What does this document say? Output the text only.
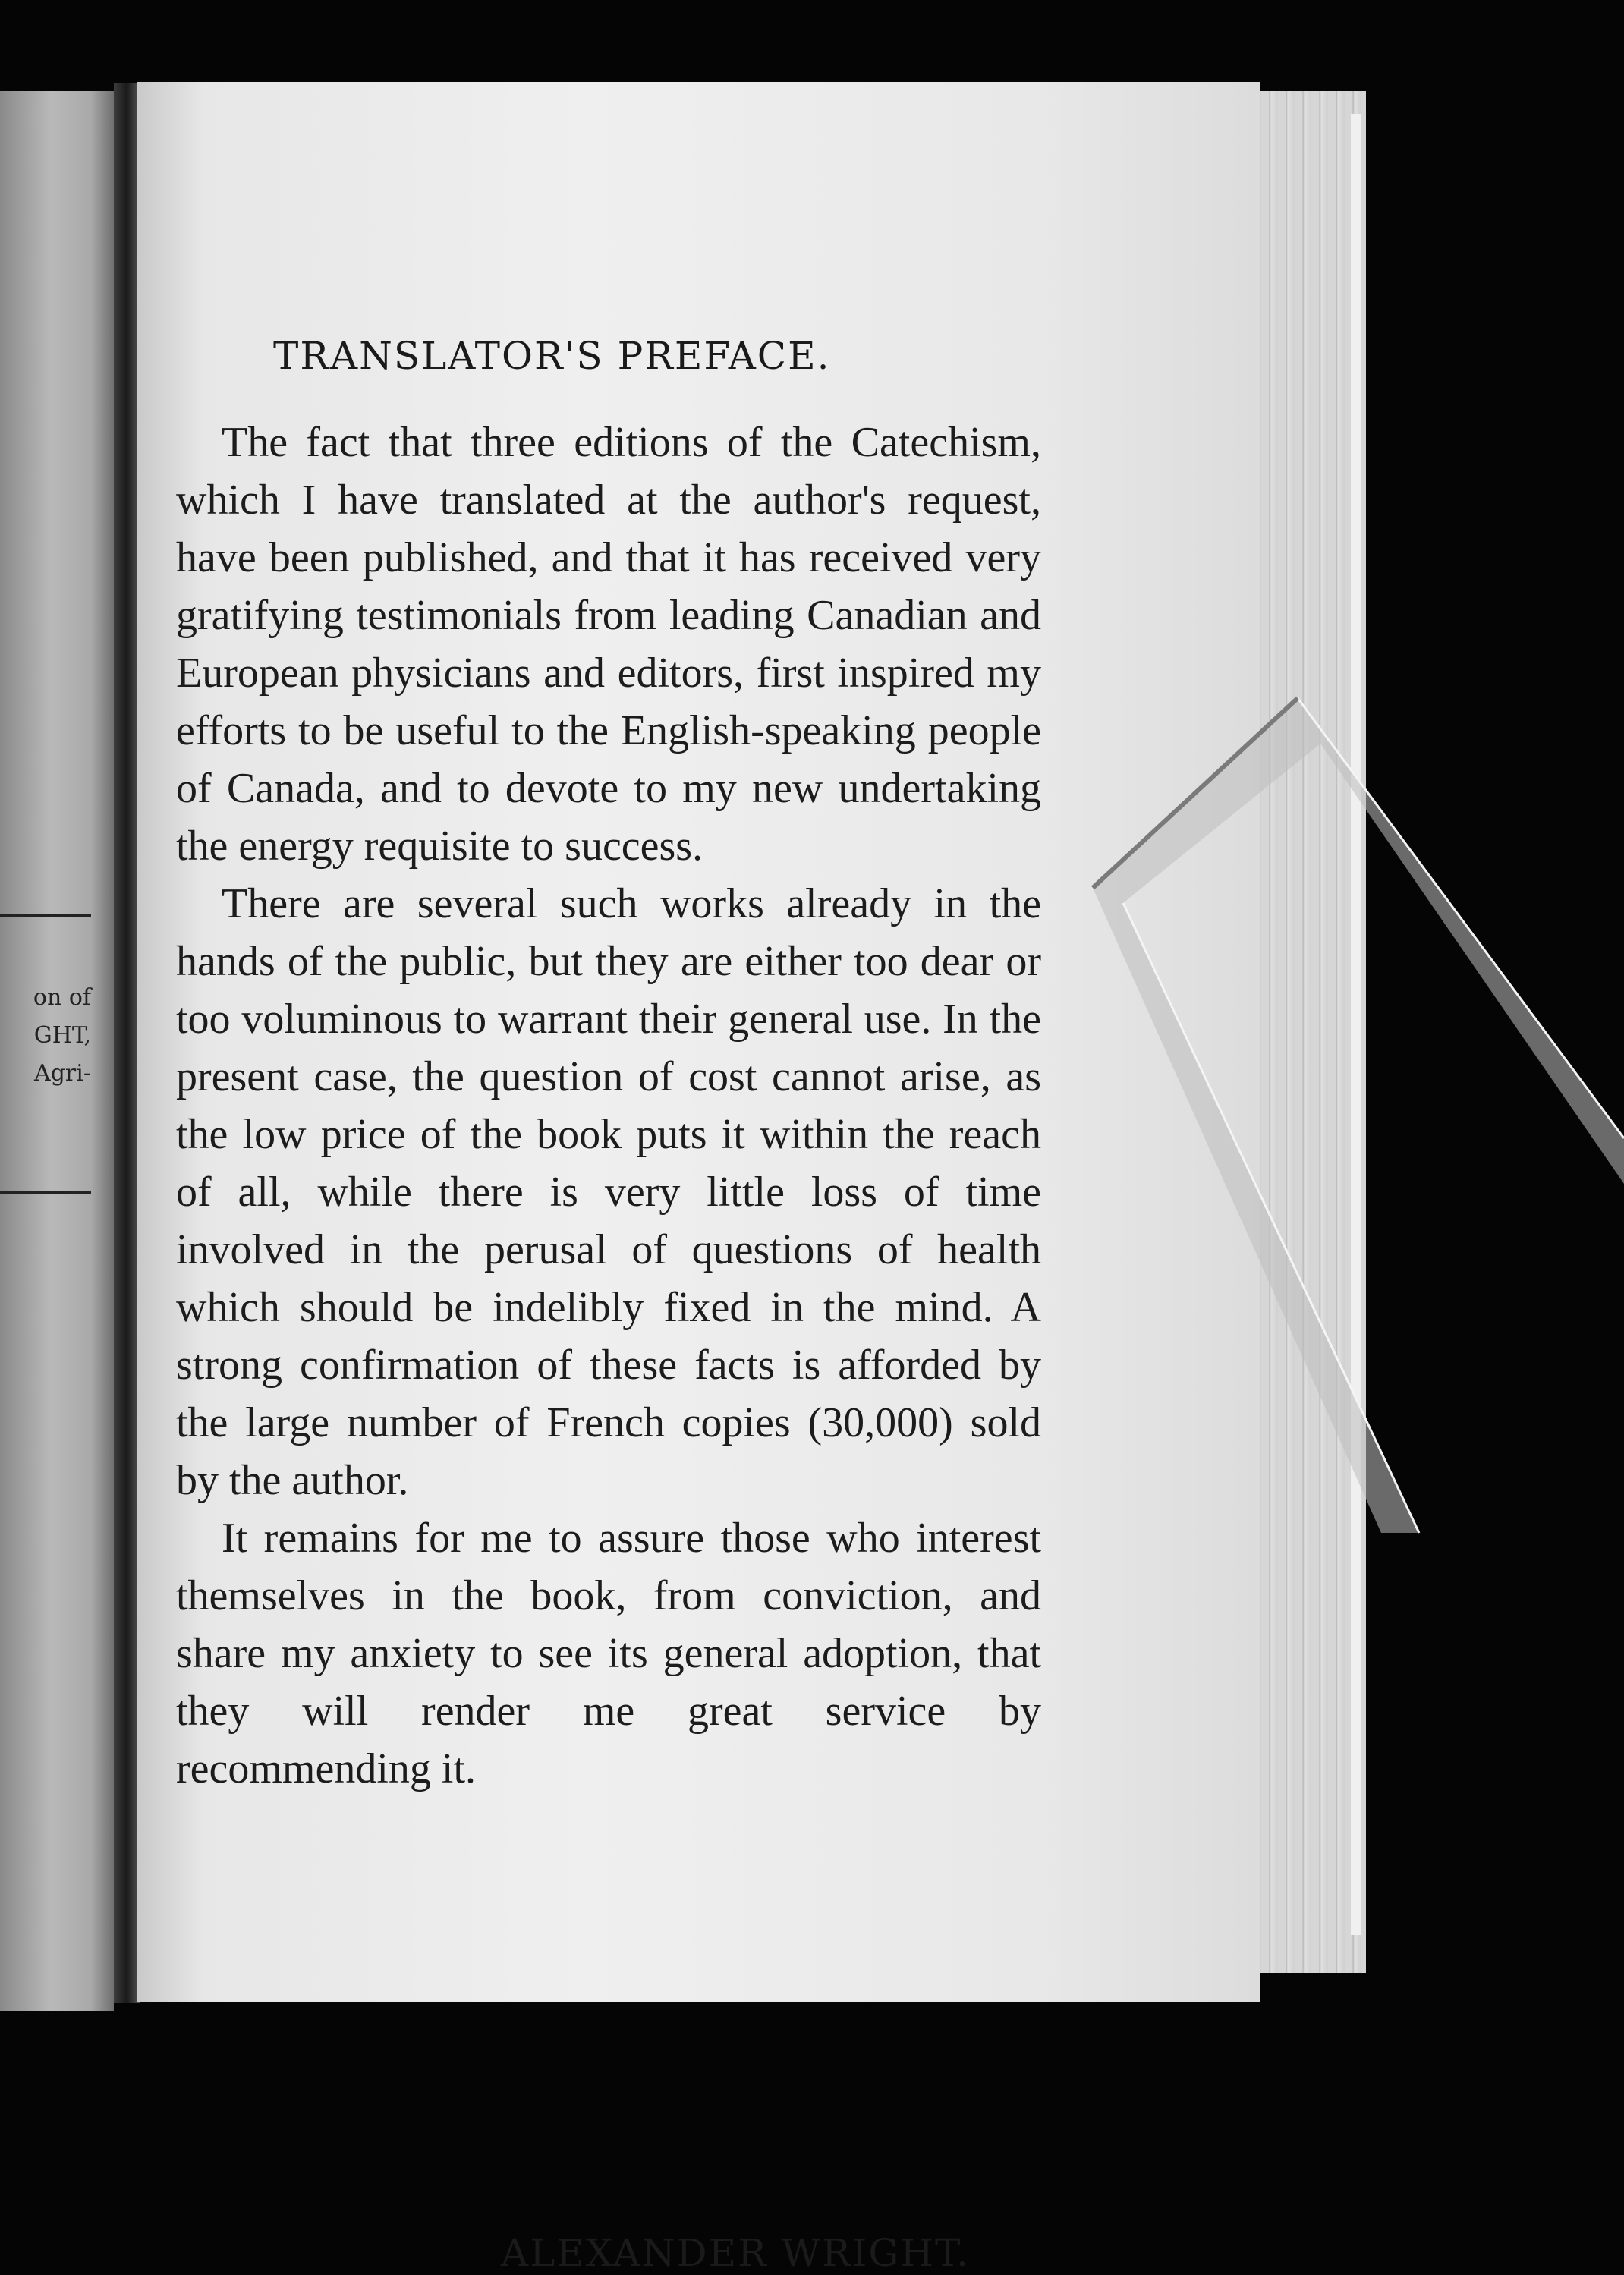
on of
GHT,
Agri-
TRANSLATOR'S PREFACE.

The fact that three editions of the Catechism, which I have translated at the author's request, have been published, and that it has received very gratifying testimonials from leading Canadian and European physicians and editors, first inspired my efforts to be useful to the English-speaking people of Canada, and to devote to my new undertaking the energy requisite to success.

There are several such works already in the hands of the public, but they are either too dear or too voluminous to warrant their general use. In the present case, the question of cost cannot arise, as the low price of the book puts it within the reach of all, while there is very little loss of time involved in the perusal of questions of health which should be indelibly fixed in the mind. A strong confirmation of these facts is afforded by the large number of French copies (30,000) sold by the author.

It remains for me to assure those who interest themselves in the book, from conviction, and share my anxiety to see its general adoption, that they will render me great service by recommending it.

ALEXANDER WRIGHT.
